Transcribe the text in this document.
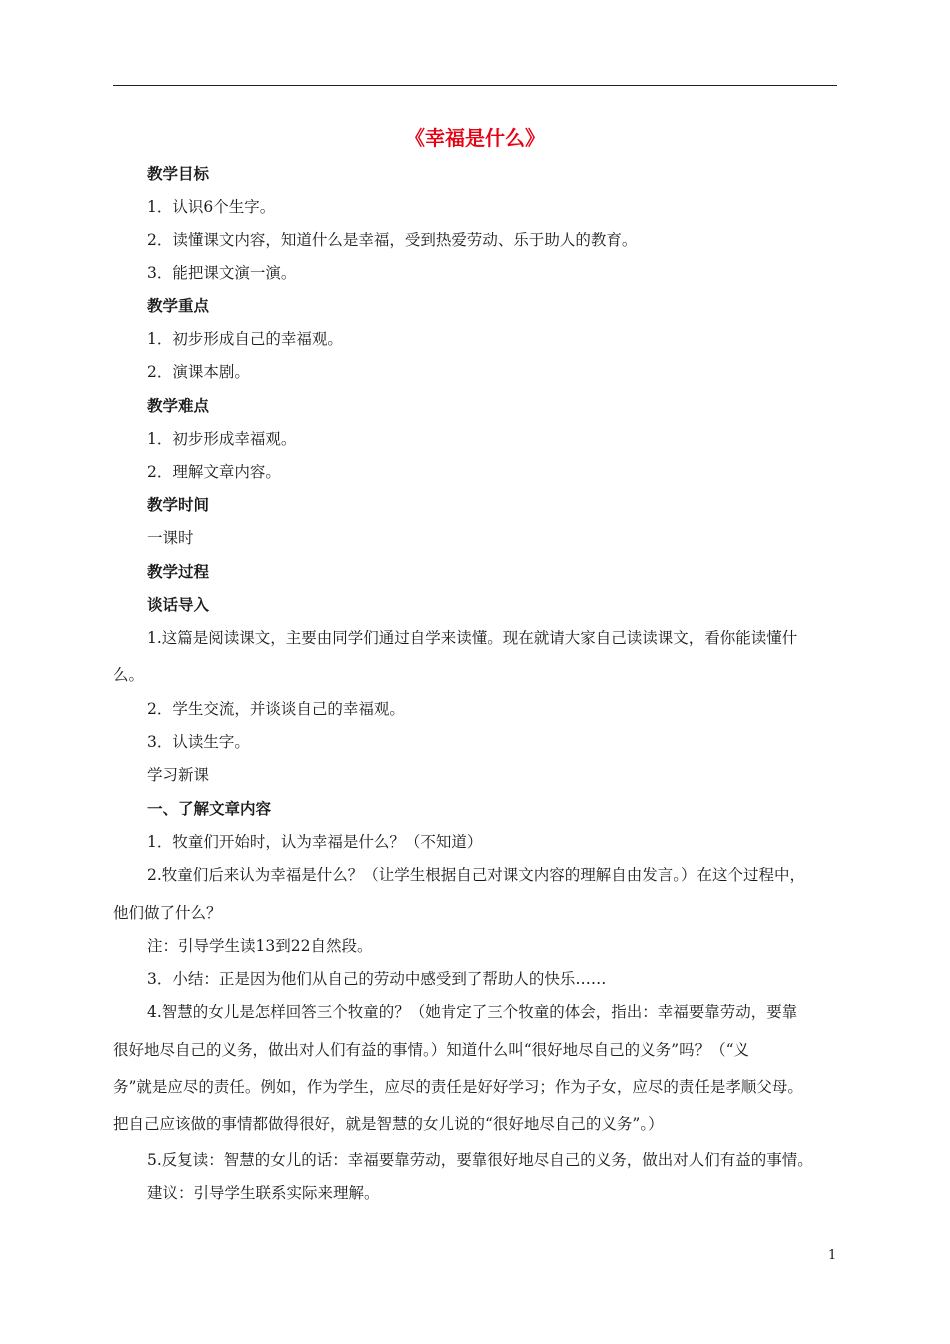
《幸福是什么》
教学目标
1．认识6个生字。
2．读懂课文内容，知道什么是幸福，受到热爱劳动、乐于助人的教育。
3．能把课文演一演。
教学重点
1．初步形成自己的幸福观。
2．演课本剧。
教学难点
1．初步形成幸福观。
2．理解文章内容。
教学时间
一课时
教学过程
谈话导入
1.这篇是阅读课文，主要由同学们通过自学来读懂。现在就请大家自己读读课文，看你能读懂什
么。
2．学生交流，并谈谈自己的幸福观。
3．认读生字。
学习新课
一、了解文章内容
1．牧童们开始时，认为幸福是什么？（不知道）
2.牧童们后来认为幸福是什么？（让学生根据自己对课文内容的理解自由发言。）在这个过程中，
他们做了什么？
注：引导学生读13到22自然段。
3．小结：正是因为他们从自己的劳动中感受到了帮助人的快乐……
4.智慧的女儿是怎样回答三个牧童的？（她肯定了三个牧童的体会，指出：幸福要靠劳动，要靠
很好地尽自己的义务，做出对人们有益的事情。）知道什么叫“很好地尽自己的义务”吗？（“义
务”就是应尽的责任。例如，作为学生，应尽的责任是好好学习；作为子女，应尽的责任是孝顺父母。
把自己应该做的事情都做得很好，就是智慧的女儿说的“很好地尽自己的义务”。）
5.反复读：智慧的女儿的话：幸福要靠劳动，要靠很好地尽自己的义务，做出对人们有益的事情。
建议：引导学生联系实际来理解。
1
